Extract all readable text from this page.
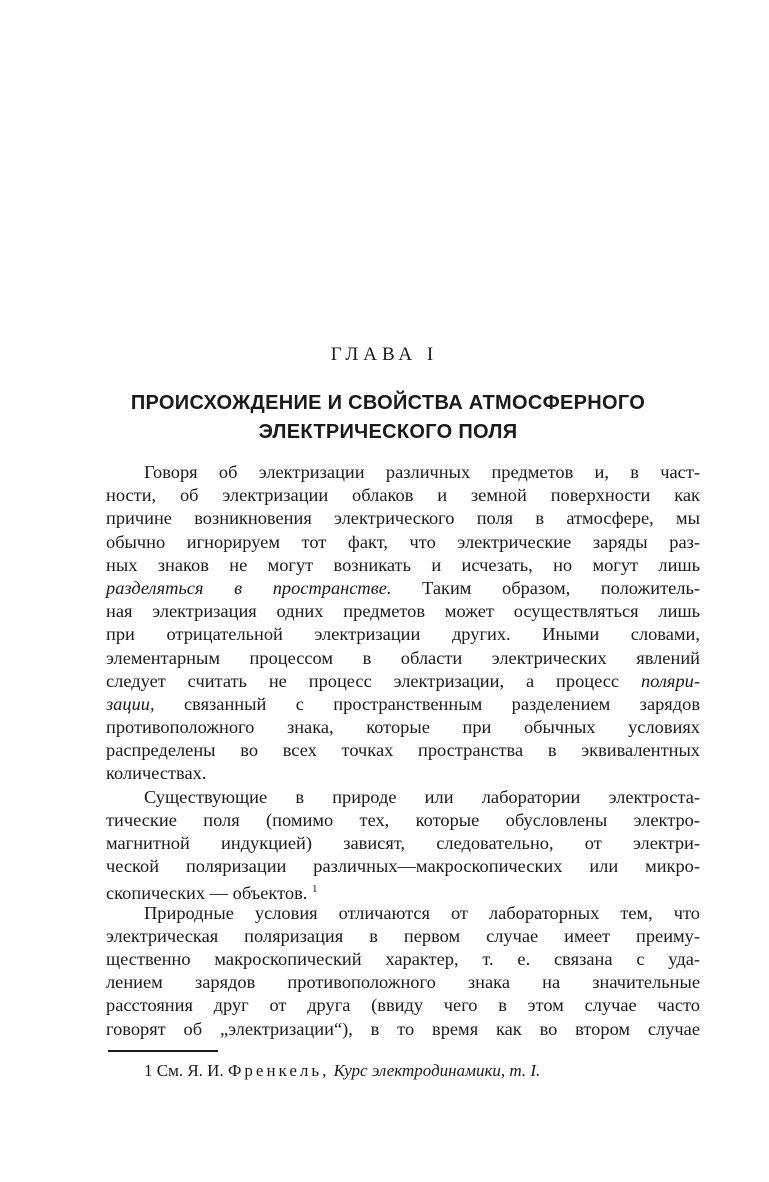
ГЛАВА I
ПРОИСХОЖДЕНИЕ И СВОЙСТВА АТМОСФЕРНОГО
ЭЛЕКТРИЧЕСКОГО ПОЛЯ
Говоря об электризации различных предметов и, в част-
ности, об электризации облаков и земной поверхности как
причине возникновения электрического поля в атмосфере, мы
обычно игнорируем тот факт, что электрические заряды раз-
ных знаков не могут возникать и исчезать, но могут лишь
разделяться в пространстве. Таким образом, положитель-
ная электризация одних предметов может осуществляться лишь
при отрицательной электризации других. Иными словами,
элементарным процессом в области электрических явлений
следует считать не процесс электризации, а процесс поляри-
зации, связанный с пространственным разделением зарядов
противоположного знака, которые при обычных условиях
распределены во всех точках пространства в эквивалентных
количествах.
Существующие в природе или лаборатории электроста-
тические поля (помимо тех, которые обусловлены электро-
магнитной индукцией) зависят, следовательно, от электри-
ческой поляризации различных—макроскопических или микро-
скопических — объектов. $^1$
Природные условия отличаются от лабораторных тем, что
электрическая поляризация в первом случае имеет преиму-
щественно макроскопический характер, т. е. связана с уда-
лением зарядов противоположного знака на значительные
расстояния друг от друга (ввиду чего в этом случае часто
говорят об „электризации“), в то время как во втором случае
1 См. Я. И. Френкель, Курс электродинамики, т. I.
